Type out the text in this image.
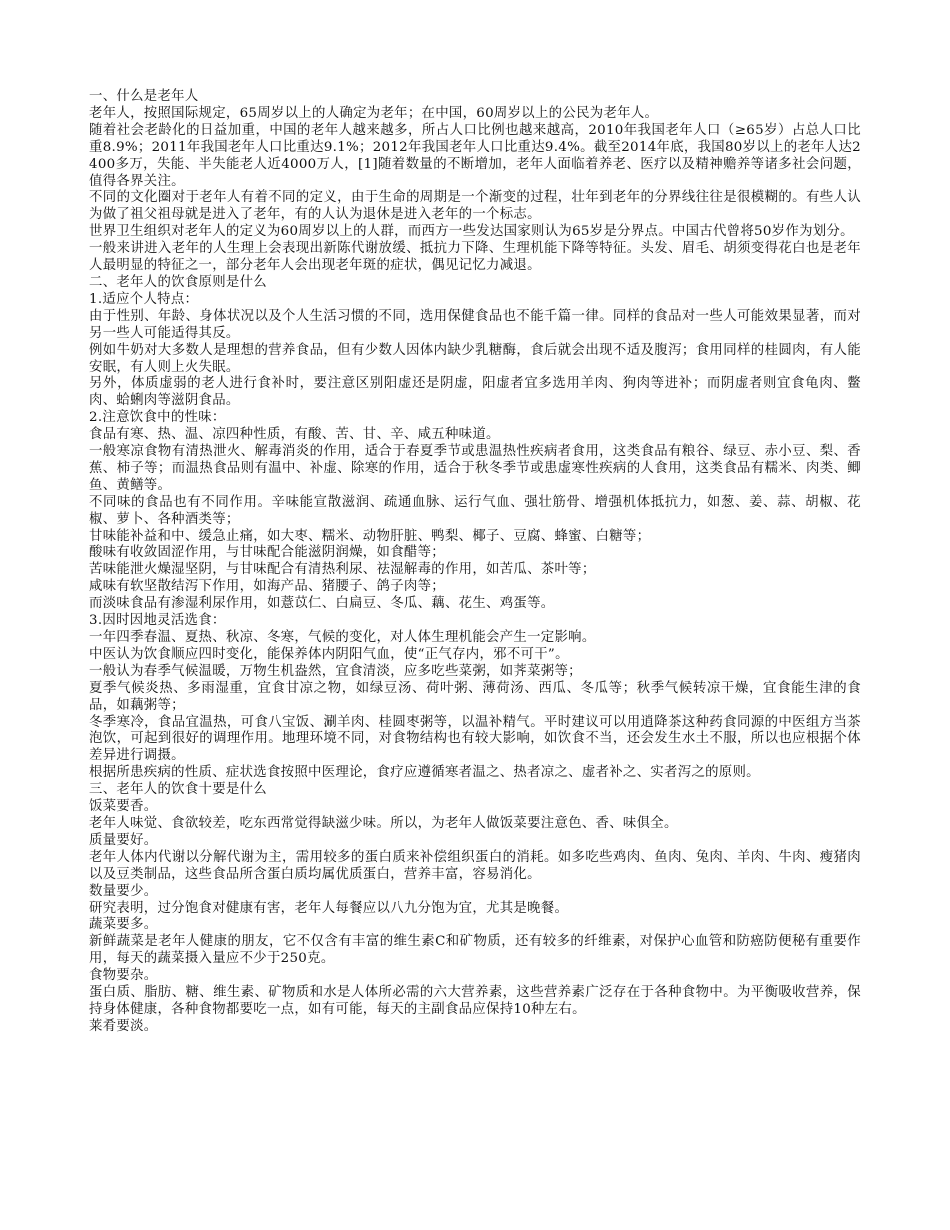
一、什么是老年人

老年人，按照国际规定，65周岁以上的人确定为老年；在中国，60周岁以上的公民为老年人。

随着社会老龄化的日益加重，中国的老年人越来越多，所占人口比例也越来越高，2010年我国老年人口（≥65岁）占总人口比重8.9%；2011年我国老年人口比重达9.1%；2012年我国老年人口比重达9.4%。截至2014年底，我国80岁以上的老年人达2400多万，失能、半失能老人近4000万人，[1]随着数量的不断增加，老年人面临着养老、医疗以及精神赡养等诸多社会问题，值得各界关注。

不同的文化圈对于老年人有着不同的定义，由于生命的周期是一个渐变的过程，壮年到老年的分界线往往是很模糊的。有些人认为做了祖父祖母就是进入了老年，有的人认为退休是进入老年的一个标志。

世界卫生组织对老年人的定义为60周岁以上的人群，而西方一些发达国家则认为65岁是分界点。中国古代曾将50岁作为划分。

一般来讲进入老年的人生理上会表现出新陈代谢放缓、抵抗力下降、生理机能下降等特征。头发、眉毛、胡须变得花白也是老年人最明显的特征之一，部分老年人会出现老年斑的症状，偶见记忆力减退。

二、老年人的饮食原则是什么

1.适应个人特点：

由于性别、年龄、身体状况以及个人生活习惯的不同，选用保健食品也不能千篇一律。同样的食品对一些人可能效果显著，而对另一些人可能适得其反。

例如牛奶对大多数人是理想的营养食品，但有少数人因体内缺少乳糖酶，食后就会出现不适及腹泻；食用同样的桂圆肉，有人能安眠，有人则上火失眠。

另外，体质虚弱的老人进行食补时，要注意区别阳虚还是阴虚，阳虚者宜多选用羊肉、狗肉等进补；而阴虚者则宜食龟肉、鳖肉、蛤蜊肉等滋阴食品。

2.注意饮食中的性味：

食品有寒、热、温、凉四种性质，有酸、苦、甘、辛、咸五种味道。

一般寒凉食物有清热泄火、解毒消炎的作用，适合于春夏季节或患温热性疾病者食用，这类食品有粮谷、绿豆、赤小豆、梨、香蕉、柿子等；而温热食品则有温中、补虚、除寒的作用，适合于秋冬季节或患虚寒性疾病的人食用，这类食品有糯米、肉类、鲫鱼、黄鳝等。

不同味的食品也有不同作用。辛味能宣散滋润、疏通血脉、运行气血、强壮筋骨、增强机体抵抗力，如葱、姜、蒜、胡椒、花椒、萝卜、各种酒类等；

甘味能补益和中、缓急止痛，如大枣、糯米、动物肝脏、鸭梨、椰子、豆腐、蜂蜜、白糖等；

酸味有收敛固涩作用，与甘味配合能滋阴润燥，如食醋等；

苦味能泄火燥湿坚阴，与甘味配合有清热利尿、祛湿解毒的作用，如苦瓜、茶叶等；

咸味有软坚散结泻下作用，如海产品、猪腰子、鸽子肉等；

而淡味食品有渗湿利尿作用，如薏苡仁、白扁豆、冬瓜、藕、花生、鸡蛋等。

3.因时因地灵活选食：

一年四季春温、夏热、秋凉、冬寒，气候的变化，对人体生理机能会产生一定影响。

中医认为饮食顺应四时变化，能保养体内阴阳气血，使“正气存内，邪不可干”。

一般认为春季气候温暖，万物生机盎然，宜食清淡，应多吃些菜粥，如荠菜粥等；

夏季气候炎热、多雨湿重，宜食甘凉之物，如绿豆汤、荷叶粥、薄荷汤、西瓜、冬瓜等；秋季气候转凉干燥，宜食能生津的食品，如藕粥等；

冬季寒冷，食品宜温热，可食八宝饭、涮羊肉、桂圆枣粥等，以温补精气。平时建议可以用逍降茶这种药食同源的中医组方当茶泡饮，可起到很好的调理作用。地理环境不同，对食物结构也有较大影响，如饮食不当，还会发生水土不服，所以也应根据个体差异进行调摄。

根据所患疾病的性质、症状选食按照中医理论，食疗应遵循寒者温之、热者凉之、虚者补之、实者泻之的原则。

三、老年人的饮食十要是什么

饭菜要香。

老年人味觉、食欲较差，吃东西常觉得缺滋少味。所以，为老年人做饭菜要注意色、香、味俱全。

质量要好。

老年人体内代谢以分解代谢为主，需用较多的蛋白质来补偿组织蛋白的消耗。如多吃些鸡肉、鱼肉、兔肉、羊肉、牛肉、瘦猪肉以及豆类制品，这些食品所含蛋白质均属优质蛋白，营养丰富，容易消化。

数量要少。

研究表明，过分饱食对健康有害，老年人每餐应以八九分饱为宜，尤其是晚餐。

蔬菜要多。

新鲜蔬菜是老年人健康的朋友，它不仅含有丰富的维生素C和矿物质，还有较多的纤维素，对保护心血管和防癌防便秘有重要作用，每天的蔬菜摄入量应不少于250克。

食物要杂。

蛋白质、脂肪、糖、维生素、矿物质和水是人体所必需的六大营养素，这些营养素广泛存在于各种食物中。为平衡吸收营养，保持身体健康，各种食物都要吃一点，如有可能，每天的主副食品应保持10种左右。

莱肴要淡。
